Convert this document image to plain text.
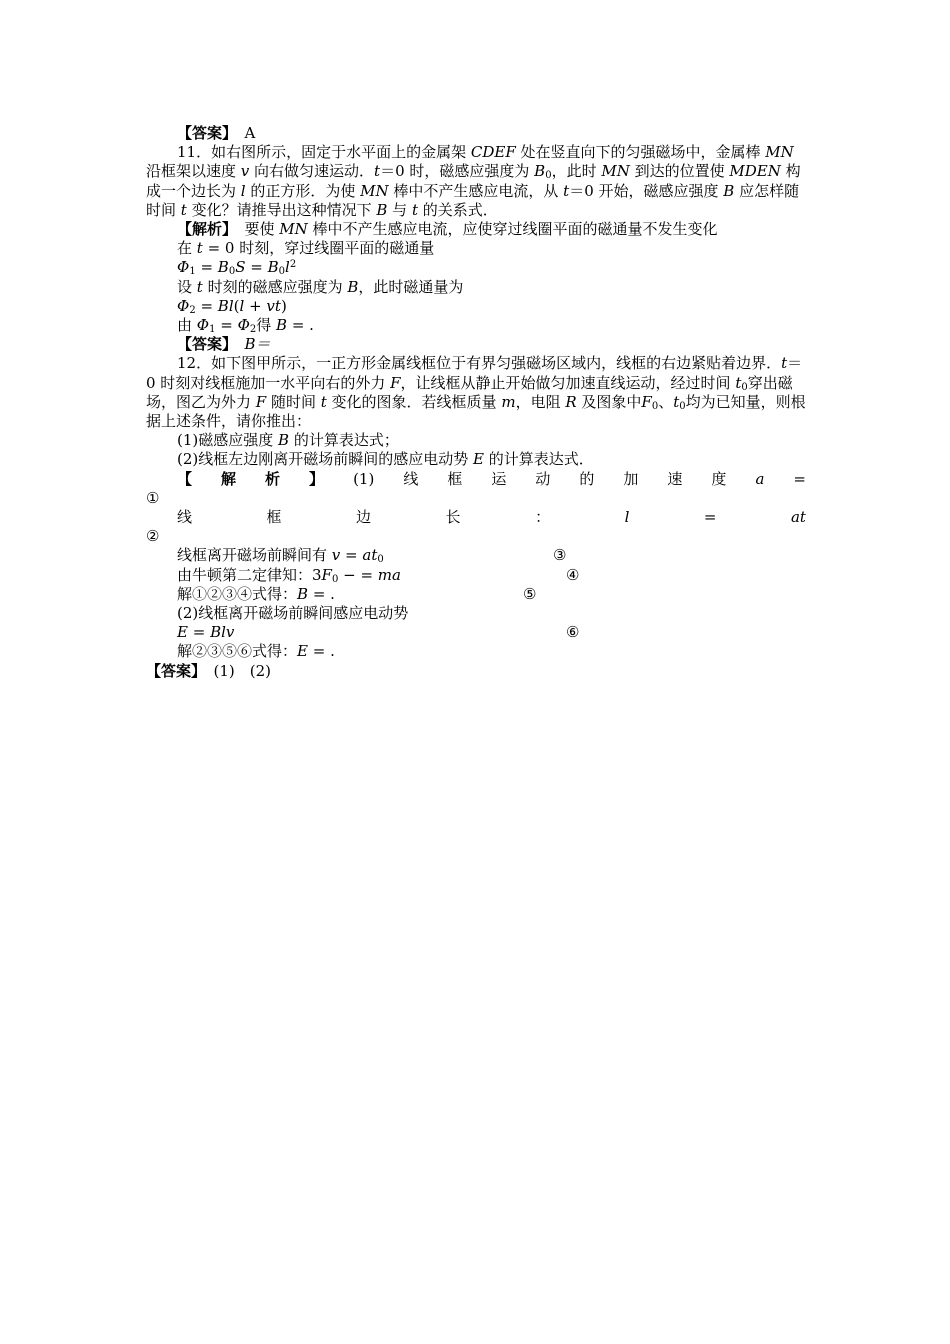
【答案】　 A

11．如右图所示，固定于水平面上的金属架 CDEF 处在竖直向下的匀强磁场中，金属棒 MN 沿框架以速度 v 向右做匀速运动．t＝0 时，磁感应强度为 $B_0$，此时 MN 到达的位置使 MDEN 构成一个边长为 l 的正方形．为使 MN 棒中不产生感应电流，从 t＝0 开始，磁感应强度 B 应怎样随时间 t 变化？请推导出这种情况下 B 与 t 的关系式．

【解析】　要使 MN 棒中不产生感应电流，应使穿过线圈平面的磁通量不发生变化

在 t = 0 时刻，穿过线圈平面的磁通量

$\Phi_1 = B_0S = B_0l^2$

设 t 时刻的磁感应强度为 B，此时磁通量为

$\Phi_2 = Bl(l + vt)$

由 $\Phi_1 = \Phi_2$得 B = .

【答案】　 B＝

12．如下图甲所示，一正方形金属线框位于有界匀强磁场区域内，线框的右边紧贴着边界．t＝0 时刻对线框施加一水平向右的外力 F，让线框从静止开始做匀加速直线运动，经过时间 $t_0$穿出磁场，图乙为外力 F 随时间 t 变化的图象．若线框质量 m，电阻 R 及图象中$F_0$、$t_0$均为已知量，则根据上述条件，请你推出：

(1)磁感应强度 B 的计算表达式；

(2)线框左边刚离开磁场前瞬间的感应电动势 E 的计算表达式．

【 解 析 】 (1) 线 框 运 动 的 加 速 度 a =

①

线	框	边	长	：	l	=	at

②

线框离开磁场前瞬间有 $v = at_0$	③
由牛顿第二定律知：$3F_0$ − = ma	④
解①②③④式得：B = .	⑤

(2)线框离开磁场前瞬间感应电动势

E = Blv	⑥

解②③⑤⑥式得：E = .

【答案】　(1)　(2)
